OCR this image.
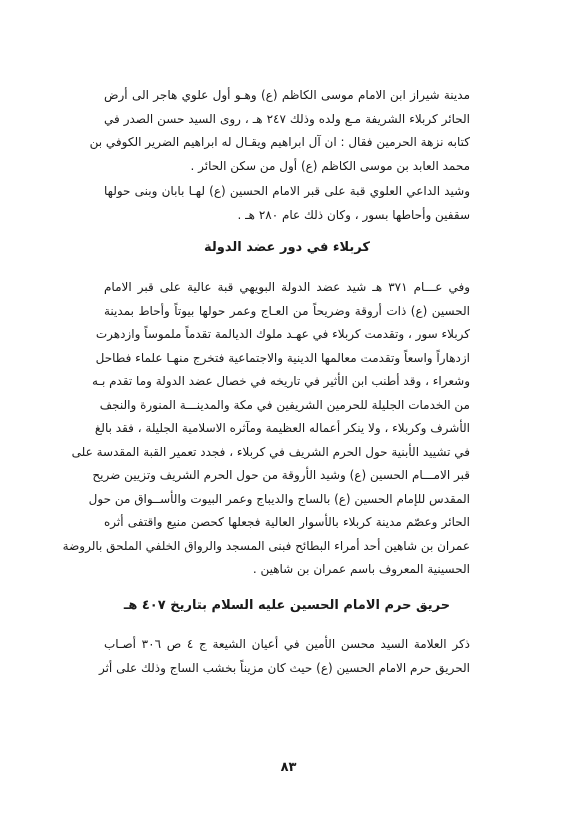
مدينة شيراز ابن الامام موسى الكاظم (ع) وهـو أول علوي هاجر الى أرض
الحائر كربلاء الشريفة مـع ولده وذلك ٢٤٧ هـ ، روى السيد حسن الصدر في
كتابه نزهة الحرمين فقال : ان آل ابراهيم ويقـال له ابراهيم الضرير الكوفي بن
محمد العابد بن موسى الكاظم (ع) أول من سكن الحائر .
وشيد الداعي العلوي قبة على قبر الامام الحسين (ع) لهـا بابان وبنى حولها
سقفين وأحاطها بسور ، وكان ذلك عام ٢٨٠ هـ .
كربلاء في دور عضد الدولة
وفي عـــام ٣٧١ هـ شيد عضد الدولة البويهي قبة عالية على قبر الامام
الحسين (ع) ذات أروقة وضريحاً من العـاج وعمر حولها بيوتاً وأحاط بمدينة
كربلاء سور ، وتقدمت كربلاء في عهـد ملوك الديالمة تقدماً ملموساً وازدهرت
ازدهاراً واسعاً وتقدمت معالمها الدينية والاجتماعية فتخرج منهـا علماء فطاحل
وشعراء ، وقد أطنب ابن الأثير في تاريخه في خصال عضد الدولة وما تقدم بـه
من الخدمات الجليلة للحرمين الشريفين في مكة والمدينـــة المنورة والنجف
الأشرف وكربلاء ، ولا ينكر أعماله العظيمة ومآثره الاسلامية الجليلة ، فقد بالغ
في تشييد الأبنية حول الحرم الشريف في كربلاء ، فجدد تعمير القبة المقدسة على
قبر الامـــام الحسين (ع) وشيد الأروقة من حول الحرم الشريف وتزيين ضريح
المقدس للإمام الحسين (ع) بالساج والديباج وعمر البيوت والأســواق من حول
الحائر وعصّم مدينة كربلاء بالأسوار العالية فجعلها كحصن منيع واقتفى أثره
عمران بن شاهين أحد أمراء البطائح فبنى المسجد والرواق الخلفي الملحق بالروضة
الحسينية المعروف باسم عمران بن شاهين .
حريق حرم الامام الحسين عليه السلام بتاريخ ٤٠٧ هـ
ذكر العلامة السيد محسن الأمين في أعيان الشيعة ج ٤ ص ٣٠٦ أصـاب
الحريق حرم الامام الحسين (ع) حيث كان مزيناً بخشب الساج وذلك على أثر
٨٣
